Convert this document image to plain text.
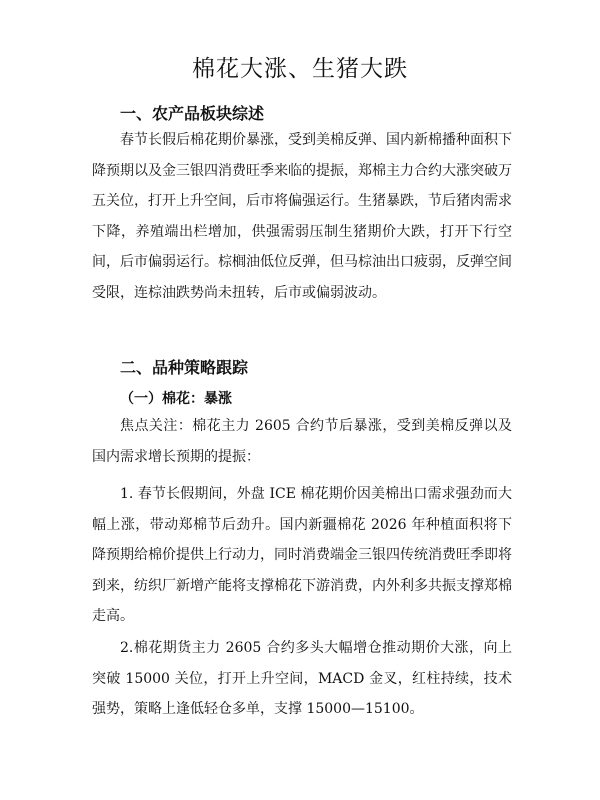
棉花大涨、生猪大跌
一、农产品板块综述

春节长假后棉花期价暴涨，受到美棉反弹、国内新棉播种面积下降预期以及金三银四消费旺季来临的提振，郑棉主力合约大涨突破万五关位，打开上升空间，后市将偏强运行。生猪暴跌，节后猪肉需求下降，养殖端出栏增加，供强需弱压制生猪期价大跌，打开下行空间，后市偏弱运行。棕榈油低位反弹，但马棕油出口疲弱，反弹空间受限，连棕油跌势尚未扭转，后市或偏弱波动。

二、品种策略跟踪
（一）棉花：暴涨

焦点关注：棉花主力 2605 合约节后暴涨，受到美棉反弹以及国内需求增长预期的提振：

1. 春节长假期间，外盘 ICE 棉花期价因美棉出口需求强劲而大幅上涨，带动郑棉节后劲升。国内新疆棉花 2026 年种植面积将下降预期给棉价提供上行动力，同时消费端金三银四传统消费旺季即将到来，纺织厂新增产能将支撑棉花下游消费，内外利多共振支撑郑棉走高。

2.棉花期货主力 2605 合约多头大幅增仓推动期价大涨，向上突破 15000 关位，打开上升空间，MACD 金叉，红柱持续，技术强势，策略上逢低轻仓多单，支撑 15000—15100。
